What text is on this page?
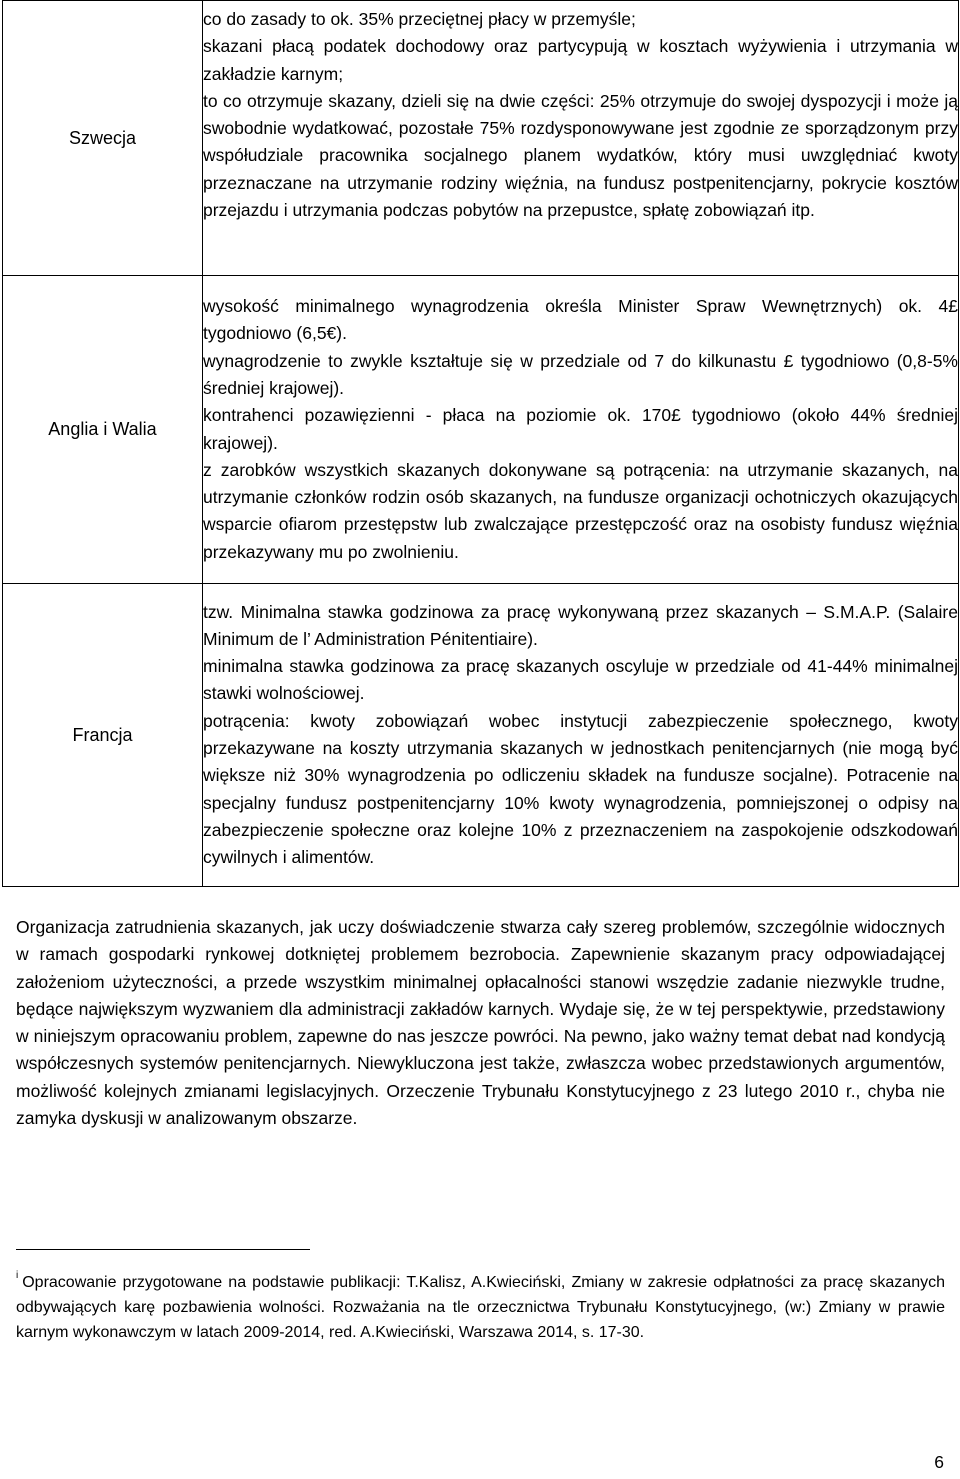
Szwecja	co do zasady to ok. 35% przeciętnej płacy w przemyśle;

skazani płacą podatek dochodowy oraz partycypują w kosztach wyżywienia i utrzymania w zakładzie karnym;

to co otrzymuje skazany, dzieli się na dwie części: 25% otrzymuje do swojej dyspozycji i może ją swobodnie wydatkować, pozostałe 75% rozdysponowywane jest zgodnie ze sporządzonym przy współudziale pracownika socjalnego planem wydatków, który musi uwzględniać kwoty przeznaczane na utrzymanie rodziny więźnia, na fundusz postpenitencjarny, pokrycie kosztów przejazdu i utrzymania podczas pobytów na przepustce, spłatę zobowiązań itp.

Anglia i Walia	wysokość minimalnego wynagrodzenia określa Minister Spraw Wewnętrznych) ok. 4£ tygodniowo (6,5€).

wynagrodzenie to zwykle kształtuje się w przedziale od 7 do kilkunastu £ tygodniowo (0,8-5% średniej krajowej).

kontrahenci pozawięzienni - płaca na poziomie ok. 170£ tygodniowo (około 44% średniej krajowej).

z zarobków wszystkich skazanych dokonywane są potrącenia: na utrzymanie skazanych, na utrzymanie członków rodzin osób skazanych, na fundusze organizacji ochotniczych okazujących wsparcie ofiarom przestępstw lub zwalczające przestępczość oraz na osobisty fundusz więźnia przekazywany mu po zwolnieniu.

Francja	tzw. Minimalna stawka godzinowa za pracę wykonywaną przez skazanych – S.M.A.P. (Salaire Minimum de l’ Administration Pénitentiaire).

minimalna stawka godzinowa za pracę skazanych oscyluje w przedziale od 41-44% minimalnej stawki wolnościowej.

potrącenia: kwoty zobowiązań wobec instytucji zabezpieczenie społecznego, kwoty przekazywane na koszty utrzymania skazanych w jednostkach penitencjarnych (nie mogą być większe niż 30% wynagrodzenia po odliczeniu składek na fundusze socjalne). Potracenie na specjalny fundusz postpenitencjarny 10% kwoty wynagrodzenia, pomniejszonej o odpisy na zabezpieczenie społeczne oraz kolejne 10% z przeznaczeniem na zaspokojenie odszkodowań cywilnych i alimentów.

Organizacja zatrudnienia skazanych, jak uczy doświadczenie stwarza cały szereg problemów, szczególnie widocznych w ramach gospodarki rynkowej dotkniętej problemem bezrobocia. Zapewnienie skazanym pracy odpowiadającej założeniom użyteczności, a przede wszystkim minimalnej opłacalności stanowi wszędzie zadanie niezwykle trudne, będące największym wyzwaniem dla administracji zakładów karnych. Wydaje się, że w tej perspektywie, przedstawiony w niniejszym opracowaniu problem, zapewne do nas jeszcze powróci. Na pewno, jako ważny temat debat nad kondycją współczesnych systemów penitencjarnych. Niewykluczona jest także, zwłaszcza wobec przedstawionych argumentów, możliwość kolejnych zmianami legislacyjnych. Orzeczenie Trybunału Konstytucyjnego z 23 lutego 2010 r., chyba nie zamyka dyskusji w analizowanym obszarze.

$^i$ Opracowanie przygotowane na podstawie publikacji: T.Kalisz, A.Kwieciński, Zmiany w zakresie odpłatności za pracę skazanych odbywających karę pozbawienia wolności. Rozważania na tle orzecznictwa Trybunału Konstytucyjnego, (w:) Zmiany w prawie karnym wykonawczym w latach 2009-2014, red. A.Kwieciński, Warszawa 2014, s. 17-30.

6
